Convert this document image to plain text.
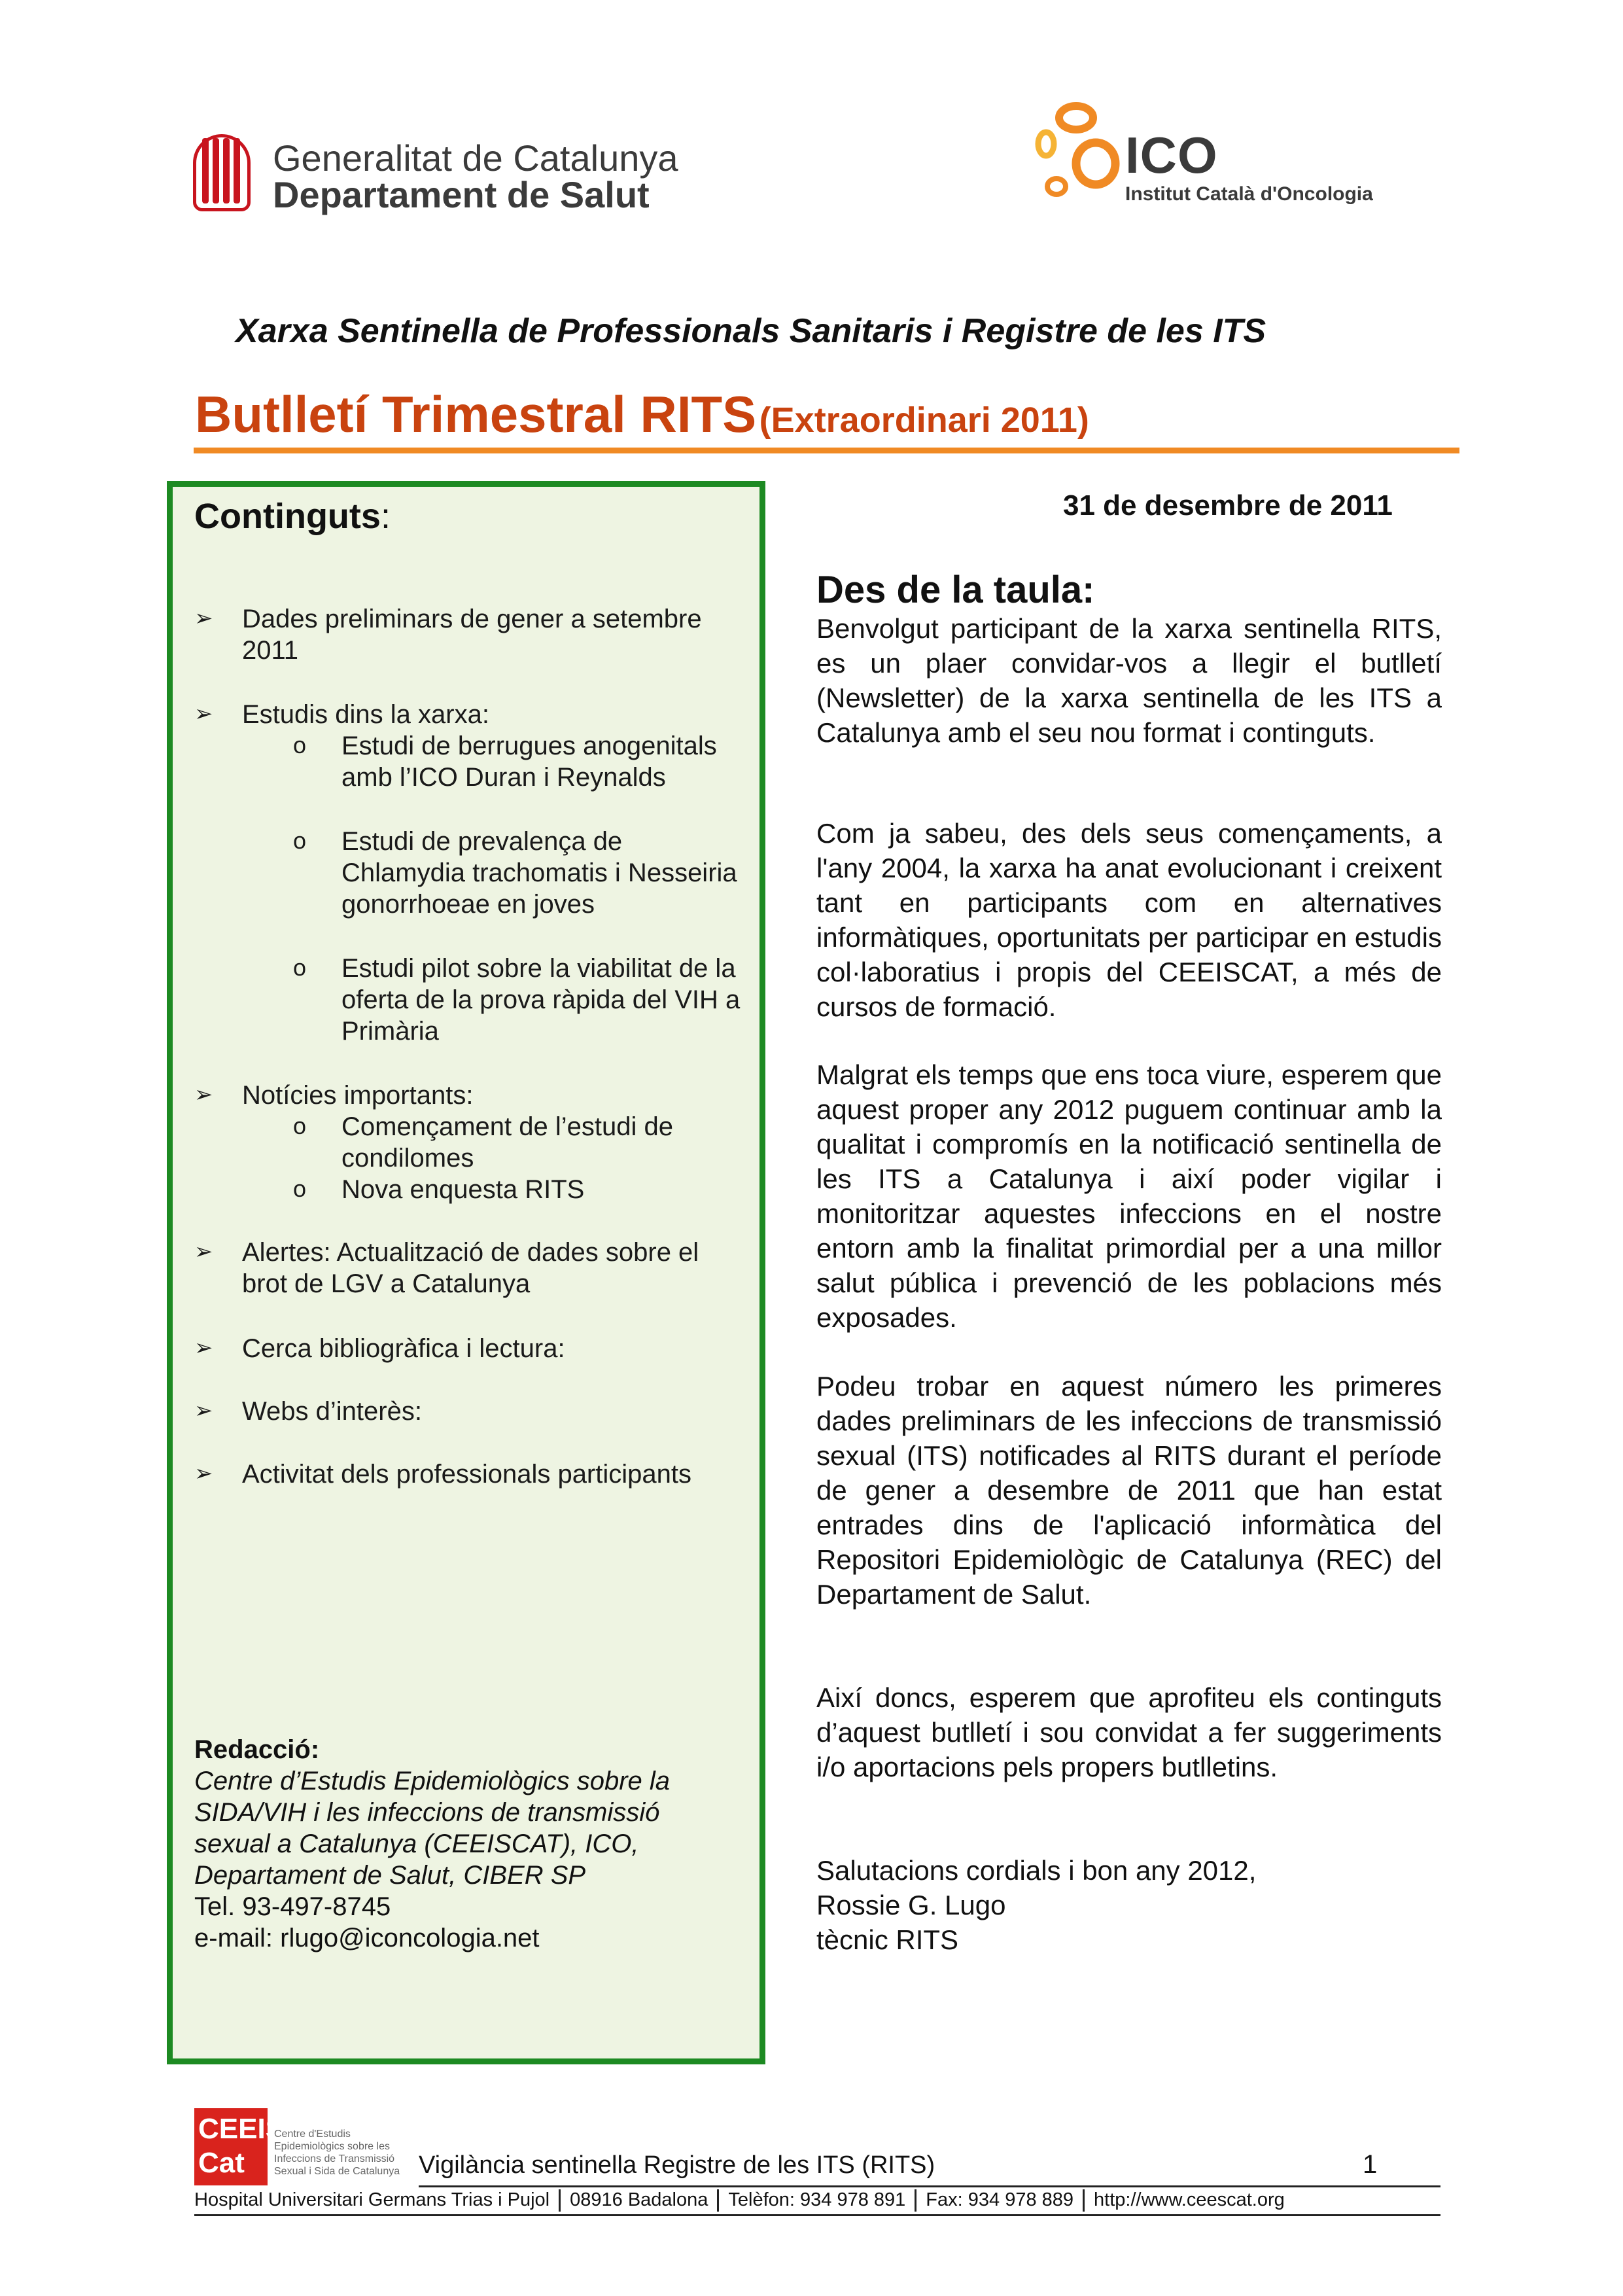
Generalitat de Catalunya
Departament de Salut
ICO
Institut Català d'Oncologia
Xarxa Sentinella de Professionals Sanitaris i Registre de les ITS
Butlletí Trimestral RITS (Extraordinari 2011)
Continguts:
➢ Dades preliminars de gener a setembre 2011
➢ Estudis dins la xarxa:
o Estudi de berrugues anogenitals amb l’ICO Duran i Reynalds
o Estudi de prevalença de Chlamydia trachomatis i Nesseiria gonorrhoeae en joves
o Estudi pilot sobre la viabilitat de la oferta de la prova ràpida del VIH a Primària
➢ Notícies importants:
o Començament de l’estudi de condilomes
o Nova enquesta RITS
➢ Alertes: Actualització de dades sobre el brot de LGV a Catalunya
➢ Cerca bibliogràfica i lectura:
➢ Webs d’interès:
➢ Activitat dels professionals participants
Redacció:
Centre d’Estudis Epidemiològics sobre la
SIDA/VIH i les infeccions de transmissió
sexual a Catalunya (CEEISCAT), ICO,
Departament de Salut, CIBER SP
Tel. 93-497-8745
e-mail: rlugo@iconcologia.net
31 de desembre de 2011
Des de la taula:
Benvolgut participant de la xarxa sentinella RITS, es un plaer convidar-vos a llegir el butlletí (Newsletter) de la xarxa sentinella de les ITS a Catalunya amb el seu nou format i continguts.
Com ja sabeu, des dels seus començaments, a l'any 2004, la xarxa ha anat evolucionant i creixent tant en participants com en alternatives informàtiques, oportunitats per participar en estudis col·laboratius i propis del CEEISCAT, a més de cursos de formació.
Malgrat els temps que ens toca viure, esperem que aquest proper any 2012 puguem continuar amb la qualitat i compromís en la notificació sentinella de les ITS a Catalunya i així poder vigilar i monitoritzar aquestes infeccions en el nostre entorn amb la finalitat primordial per a una millor salut pública i prevenció de les poblacions més exposades.
Podeu trobar en aquest número les primeres dades preliminars de les infeccions de transmissió sexual (ITS) notificades al RITS durant el període de gener a desembre de 2011 que han estat entrades dins de l'aplicació informàtica del Repositori Epidemiològic de Catalunya (REC) del Departament de Salut.
Així doncs, esperem que aprofiteu els continguts d’aquest butlletí i sou convidat a fer suggeriments i/o aportacions pels propers butlletins.
Salutacions cordials i bon any 2012,
Rossie G. Lugo
tècnic RITS
CEEIS
Cat
Centre d'Estudis Epidemiològics sobre les Infeccions de Transmissió Sexual i Sida de Catalunya Vigilància sentinella Registre de les ITS (RITS)	1
Hospital Universitari Germans Trias i Pujol 08916 Badalona Telèfon: 934 978 891 Fax: 934 978 889 http://www.ceescat.org
